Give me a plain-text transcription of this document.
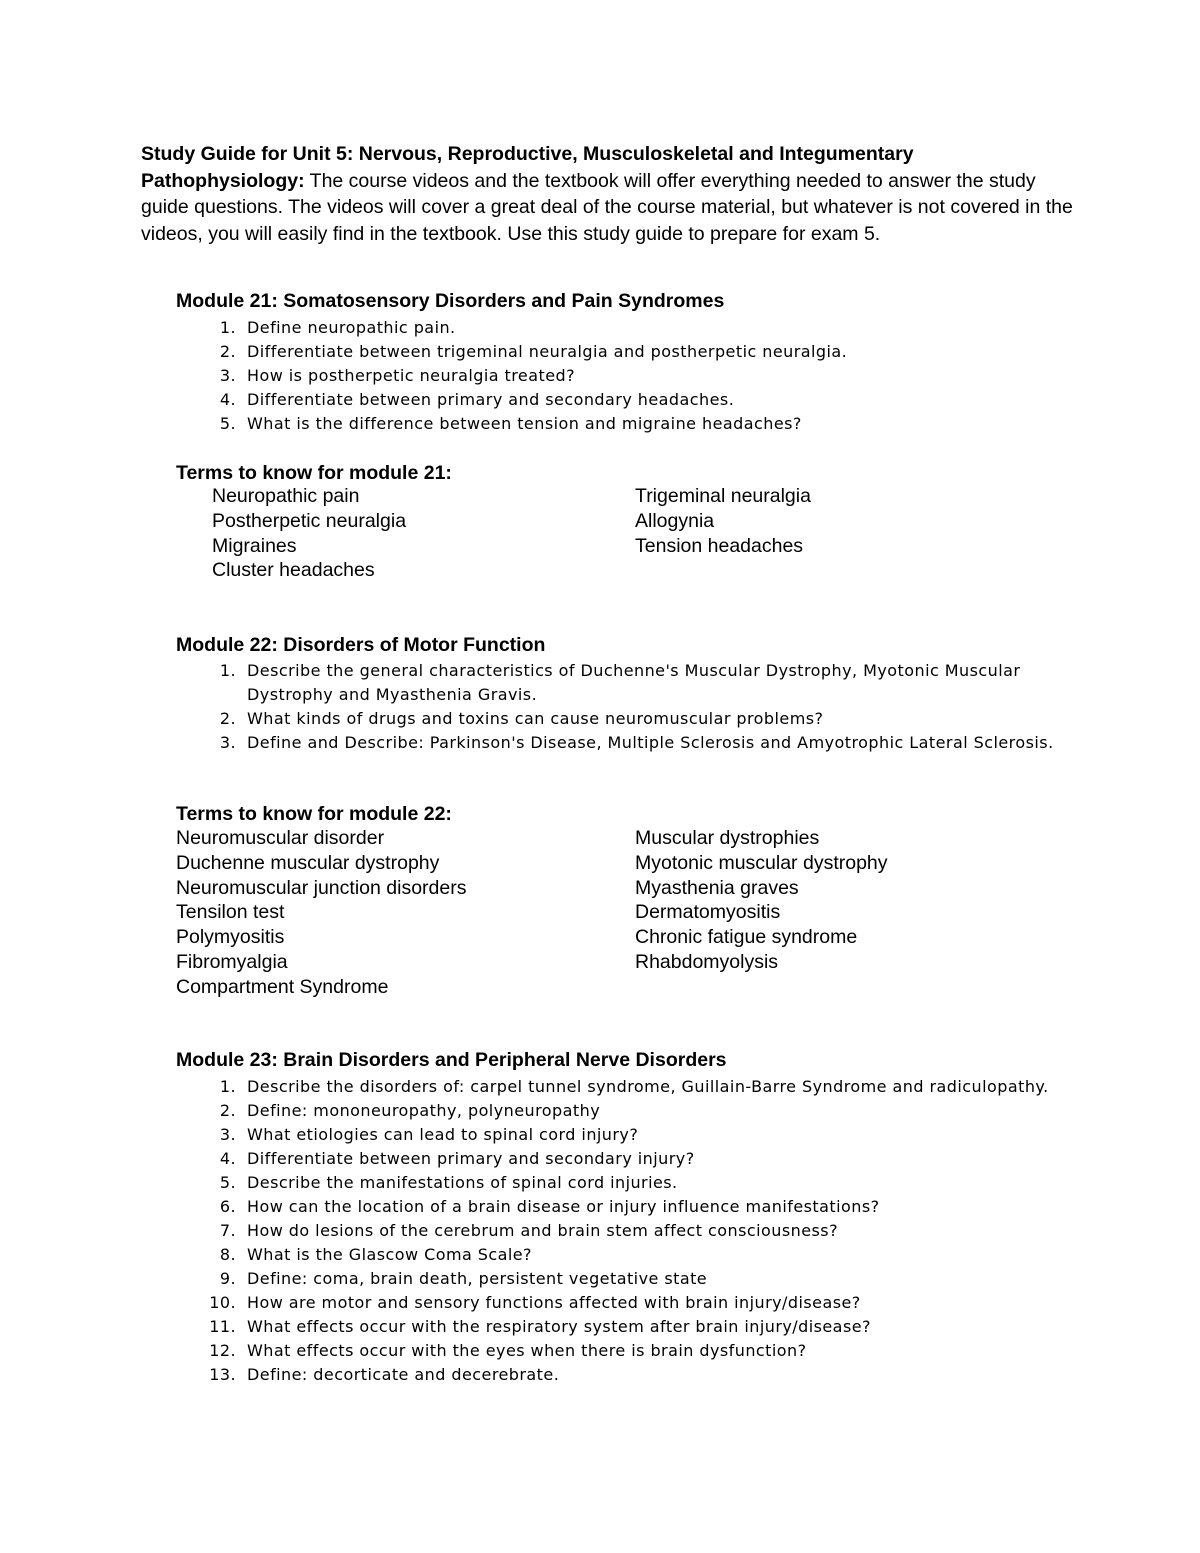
Study Guide for Unit 5: Nervous, Reproductive, Musculoskeletal and Integumentary Pathophysiology: The course videos and the textbook will offer everything needed to answer the study guide questions. The videos will cover a great deal of the course material, but whatever is not covered in the videos, you will easily find in the textbook. Use this study guide to prepare for exam 5.

Module 21: Somatosensory Disorders and Pain Syndromes
1. Define neuropathic pain.
2. Differentiate between trigeminal neuralgia and postherpetic neuralgia.
3. How is postherpetic neuralgia treated?
4. Differentiate between primary and secondary headaches.
5. What is the difference between tension and migraine headaches?
Terms to know for module 21:
Neuropathic pain	Trigeminal neuralgia
Postherpetic neuralgia	Allogynia
Migraines	Tension headaches
Cluster headaches
Module 22: Disorders of Motor Function
1. Describe the general characteristics of Duchenne's Muscular Dystrophy, Myotonic Muscular Dystrophy and Myasthenia Gravis.
2. What kinds of drugs and toxins can cause neuromuscular problems?
3. Define and Describe: Parkinson's Disease, Multiple Sclerosis and Amyotrophic Lateral Sclerosis.
Terms to know for module 22:
Neuromuscular disorder	Muscular dystrophies
Duchenne muscular dystrophy	Myotonic muscular dystrophy
Neuromuscular junction disorders	Myasthenia graves
Tensilon test	Dermatomyositis
Polymyositis	Chronic fatigue syndrome
Fibromyalgia	Rhabdomyolysis
Compartment Syndrome
Module 23: Brain Disorders and Peripheral Nerve Disorders
1. Describe the disorders of: carpel tunnel syndrome, Guillain-Barre Syndrome and radiculopathy.
2. Define: mononeuropathy, polyneuropathy
3. What etiologies can lead to spinal cord injury?
4. Differentiate between primary and secondary injury?
5. Describe the manifestations of spinal cord injuries.
6. How can the location of a brain disease or injury influence manifestations?
7. How do lesions of the cerebrum and brain stem affect consciousness?
8. What is the Glascow Coma Scale?
9. Define: coma, brain death, persistent vegetative state
10. How are motor and sensory functions affected with brain injury/disease?
11. What effects occur with the respiratory system after brain injury/disease?
12. What effects occur with the eyes when there is brain dysfunction?
13. Define: decorticate and decerebrate.
